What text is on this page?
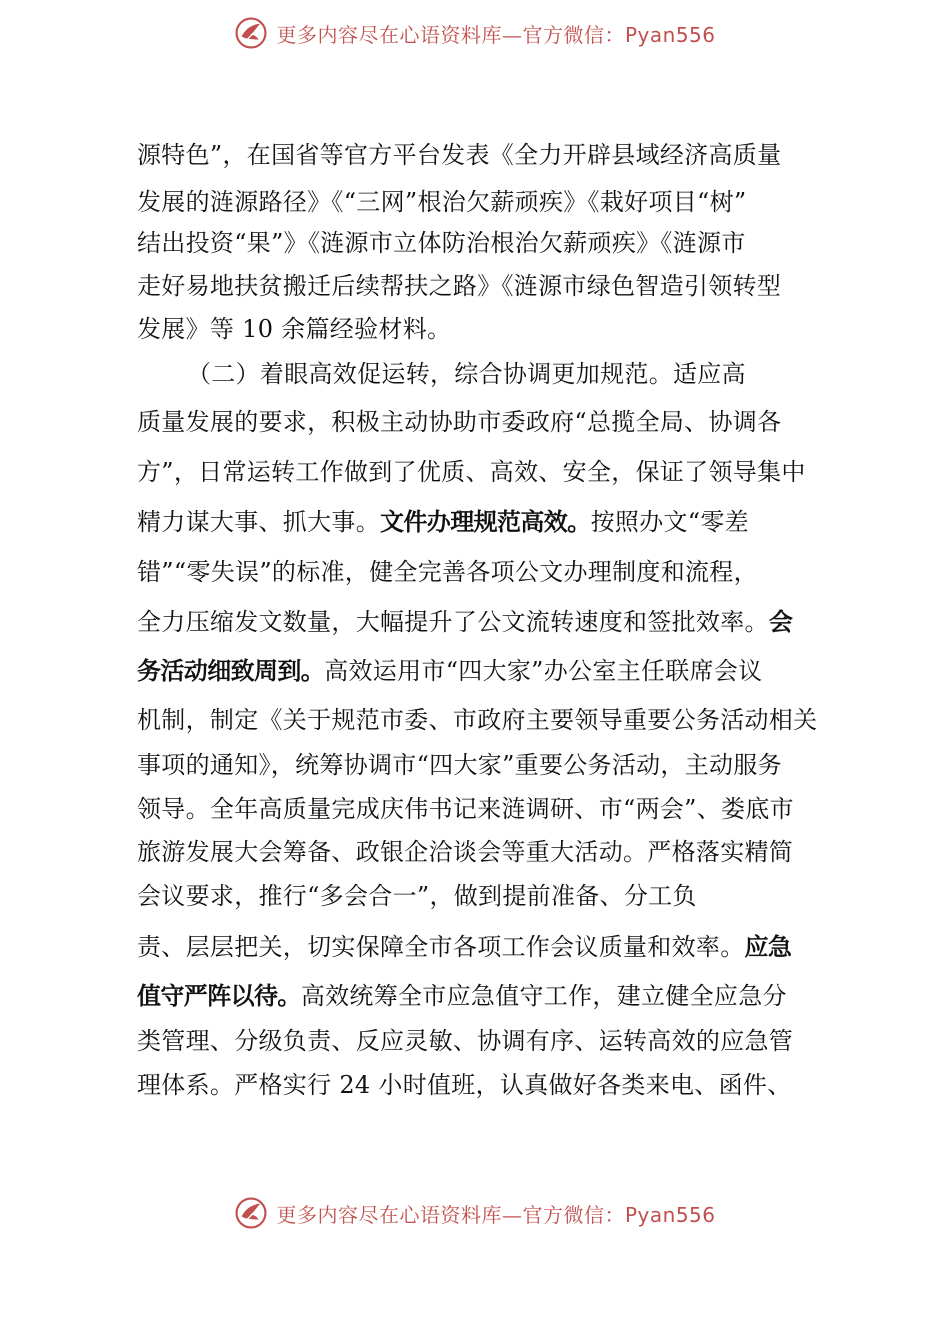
更多内容尽在心语资料库—官方微信：Pyan556
源特色”，在国省等官方平台发表《全力开辟县域经济高质量
发展的涟源路径》《“三网”根治欠薪顽疾》《栽好项目“树”
结出投资“果”》《涟源市立体防治根治欠薪顽疾》《涟源市
走好易地扶贫搬迁后续帮扶之路》《涟源市绿色智造引领转型
发展》等 10 余篇经验材料。
（二）着眼高效促运转，综合协调更加规范。适应高
质量发展的要求，积极主动协助市委政府“总揽全局、协调各
方”，日常运转工作做到了优质、高效、安全，保证了领导集中
精力谋大事、抓大事。文件办理规范高效。按照办文“零差
错”“零失误”的标准，健全完善各项公文办理制度和流程，
全力压缩发文数量，大幅提升了公文流转速度和签批效率。会
务活动细致周到。高效运用市“四大家”办公室主任联席会议
机制，制定《关于规范市委、市政府主要领导重要公务活动相关
事项的通知》，统筹协调市“四大家”重要公务活动，主动服务
领导。全年高质量完成庆伟书记来涟调研、市“两会”、娄底市
旅游发展大会筹备、政银企洽谈会等重大活动。严格落实精简
会议要求，推行“多会合一”，做到提前准备、分工负
责、层层把关，切实保障全市各项工作会议质量和效率。应急
值守严阵以待。高效统筹全市应急值守工作，建立健全应急分
类管理、分级负责、反应灵敏、协调有序、运转高效的应急管
理体系。严格实行 24 小时值班，认真做好各类来电、函件、
更多内容尽在心语资料库—官方微信：Pyan556
